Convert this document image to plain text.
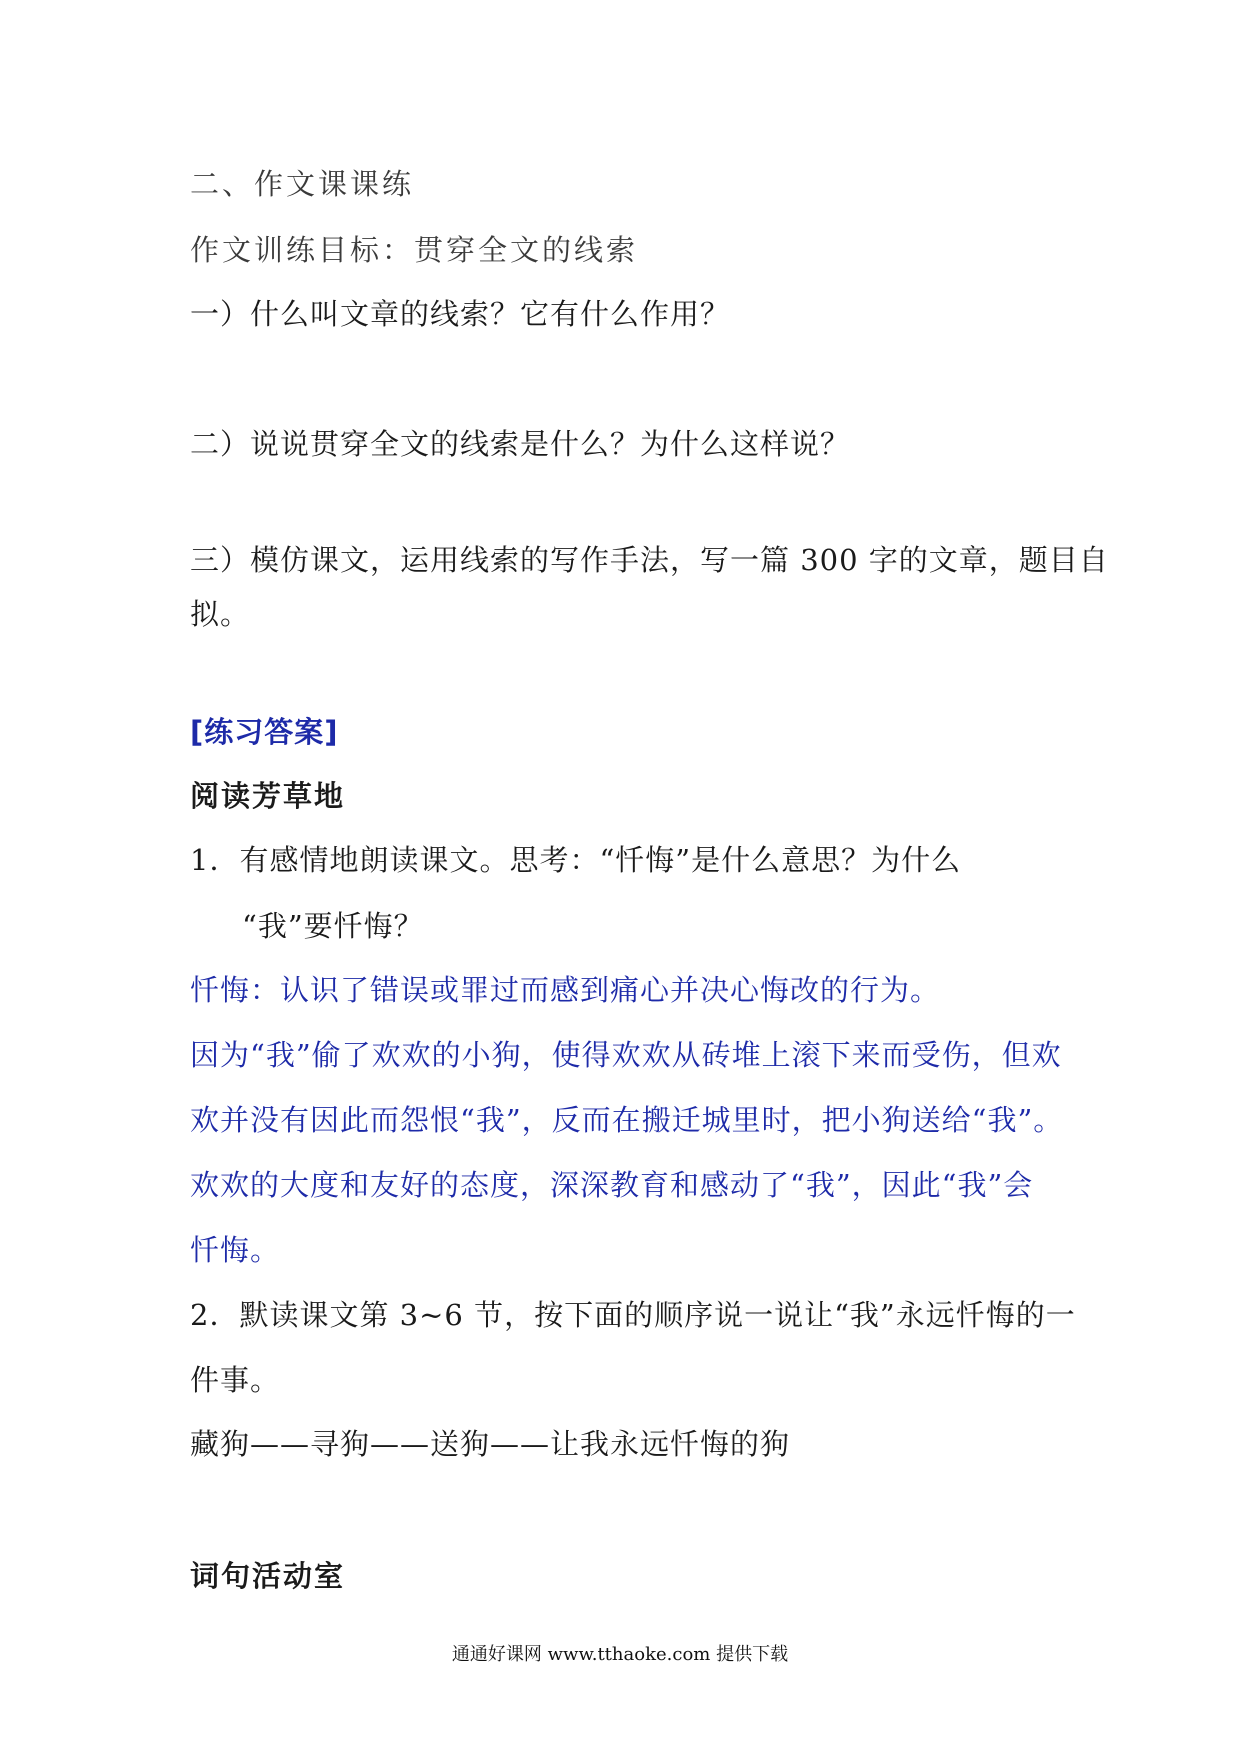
二、作文课课练
作文训练目标：贯穿全文的线索
一）什么叫文章的线索？它有什么作用？
二）说说贯穿全文的线索是什么？为什么这样说？
三）模仿课文，运用线索的写作手法，写一篇 300 字的文章，题目自
拟。
[练习答案]
阅读芳草地
1．有感情地朗读课文。思考：“忏悔”是什么意思？为什么
“我”要忏悔？
忏悔：认识了错误或罪过而感到痛心并决心悔改的行为。
因为“我”偷了欢欢的小狗，使得欢欢从砖堆上滚下来而受伤，但欢
欢并没有因此而怨恨“我”，反而在搬迁城里时，把小狗送给“我”。
欢欢的大度和友好的态度，深深教育和感动了“我”，因此“我”会
忏悔。
2．默读课文第 3~6 节，按下面的顺序说一说让“我”永远忏悔的一
件事。
藏狗——寻狗——送狗——让我永远忏悔的狗
词句活动室
通通好课网 www.tthaoke.com 提供下载
